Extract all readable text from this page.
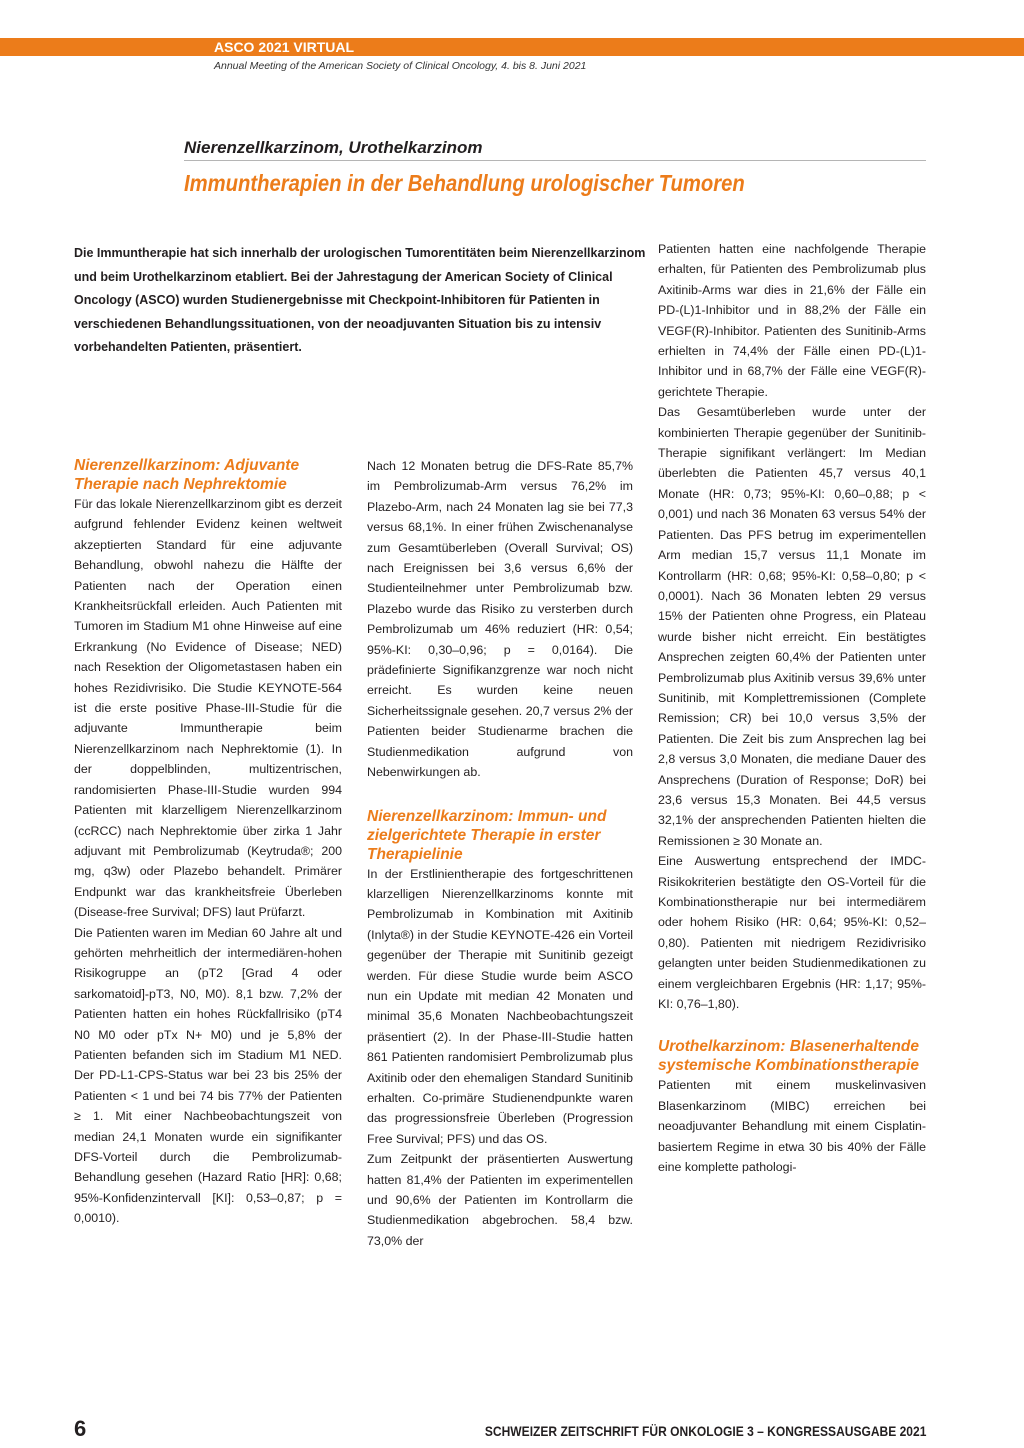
ASCO 2021 VIRTUAL
Annual Meeting of the American Society of Clinical Oncology, 4. bis 8. Juni 2021
Nierenzellkarzinom, Urothelkarzinom
Immuntherapien in der Behandlung urologischer Tumoren
Die Immuntherapie hat sich innerhalb der urologischen Tumorentitäten beim Nierenzellkarzinom und beim Urothelkarzinom etabliert. Bei der Jahrestagung der American Society of Clinical Oncology (ASCO) wurden Studienergebnisse mit Checkpoint-Inhibitoren für Patienten in verschiedenen Behandlungssituationen, von der neoadjuvanten Situation bis zu intensiv vorbehandelten Patienten, präsentiert.
Nierenzellkarzinom: Adjuvante Therapie nach Nephrektomie

Für das lokale Nierenzellkarzinom gibt es derzeit aufgrund fehlender Evidenz keinen weltweit akzeptierten Standard für eine adjuvante Behandlung, obwohl nahezu die Hälfte der Patienten nach der Operation einen Krankheitsrückfall erleiden. Auch Patienten mit Tumoren im Stadium M1 ohne Hinweise auf eine Erkrankung (No Evidence of Disease; NED) nach Resektion der Oligometastasen haben ein hohes Rezidivrisiko. Die Studie KEYNOTE-564 ist die erste positive Phase-III-Studie für die adjuvante Immuntherapie beim Nierenzellkarzinom nach Nephrektomie (1). In der doppelblinden, multizentrischen, randomisierten Phase-III-Studie wurden 994 Patienten mit klarzelligem Nierenzellkarzinom (ccRCC) nach Nephrektomie über zirka 1 Jahr adjuvant mit Pembrolizumab (Keytruda®; 200 mg, q3w) oder Plazebo behandelt. Primärer Endpunkt war das krankheitsfreie Überleben (Disease-free Survival; DFS) laut Prüfarzt.

Die Patienten waren im Median 60 Jahre alt und gehörten mehrheitlich der intermediären-hohen Risikogruppe an (pT2 [Grad 4 oder sarkomatoid]-pT3, N0, M0). 8,1 bzw. 7,2% der Patienten hatten ein hohes Rückfallrisiko (pT4 N0 M0 oder pTx N+ M0) und je 5,8% der Patienten befanden sich im Stadium M1 NED. Der PD-L1-CPS-Status war bei 23 bis 25% der Patienten < 1 und bei 74 bis 77% der Patienten ≥ 1. Mit einer Nachbeobachtungszeit von median 24,1 Monaten wurde ein signifikanter DFS-Vorteil durch die Pembrolizumab-Behandlung gesehen (Hazard Ratio [HR]: 0,68; 95%-Konfidenzintervall [KI]: 0,53–0,87; p = 0,0010).

Nach 12 Monaten betrug die DFS-Rate 85,7% im Pembrolizumab-Arm versus 76,2% im Plazebo-Arm, nach 24 Monaten lag sie bei 77,3 versus 68,1%. In einer frühen Zwischenanalyse zum Gesamtüberleben (Overall Survival; OS) nach Ereignissen bei 3,6 versus 6,6% der Studienteilnehmer unter Pembrolizumab bzw. Plazebo wurde das Risiko zu versterben durch Pembrolizumab um 46% reduziert (HR: 0,54; 95%-KI: 0,30–0,96; p = 0,0164). Die prädefinierte Signifikanzgrenze war noch nicht erreicht. Es wurden keine neuen Sicherheitssignale gesehen. 20,7 versus 2% der Patienten beider Studienarme brachen die Studienmedikation aufgrund von Nebenwirkungen ab.

Nierenzellkarzinom: Immun- und zielgerichtete Therapie in erster Therapielinie

In der Erstlinientherapie des fortgeschrittenen klarzelligen Nierenzellkarzinoms konnte mit Pembrolizumab in Kombination mit Axitinib (Inlyta®) in der Studie KEYNOTE-426 ein Vorteil gegenüber der Therapie mit Sunitinib gezeigt werden. Für diese Studie wurde beim ASCO nun ein Update mit median 42 Monaten und minimal 35,6 Monaten Nachbeobachtungszeit präsentiert (2). In der Phase-III-Studie hatten 861 Patienten randomisiert Pembrolizumab plus Axitinib oder den ehemaligen Standard Sunitinib erhalten. Co-primäre Studienendpunkte waren das progressionsfreie Überleben (Progression Free Survival; PFS) und das OS.

Zum Zeitpunkt der präsentierten Auswertung hatten 81,4% der Patienten im experimentellen und 90,6% der Patienten im Kontrollarm die Studienmedikation abgebrochen. 58,4 bzw. 73,0% der

Patienten hatten eine nachfolgende Therapie erhalten, für Patienten des Pembrolizumab plus Axitinib-Arms war dies in 21,6% der Fälle ein PD-(L)1-Inhibitor und in 88,2% der Fälle ein VEGF(R)-Inhibitor. Patienten des Sunitinib-Arms erhielten in 74,4% der Fälle einen PD-(L)1-Inhibitor und in 68,7% der Fälle eine VEGF(R)-gerichtete Therapie.

Das Gesamtüberleben wurde unter der kombinierten Therapie gegenüber der Sunitinib-Therapie signifikant verlängert: Im Median überlebten die Patienten 45,7 versus 40,1 Monate (HR: 0,73; 95%-KI: 0,60–0,88; p < 0,001) und nach 36 Monaten 63 versus 54% der Patienten. Das PFS betrug im experimentellen Arm median 15,7 versus 11,1 Monate im Kontrollarm (HR: 0,68; 95%-KI: 0,58–0,80; p < 0,0001). Nach 36 Monaten lebten 29 versus 15% der Patienten ohne Progress, ein Plateau wurde bisher nicht erreicht. Ein bestätigtes Ansprechen zeigten 60,4% der Patienten unter Pembrolizumab plus Axitinib versus 39,6% unter Sunitinib, mit Komplettremissionen (Complete Remission; CR) bei 10,0 versus 3,5% der Patienten. Die Zeit bis zum Ansprechen lag bei 2,8 versus 3,0 Monaten, die mediane Dauer des Ansprechens (Duration of Response; DoR) bei 23,6 versus 15,3 Monaten. Bei 44,5 versus 32,1% der ansprechenden Patienten hielten die Remissionen ≥ 30 Monate an.

Eine Auswertung entsprechend der IMDC-Risikokriterien bestätigte den OS-Vorteil für die Kombinationstherapie nur bei intermediärem oder hohem Risiko (HR: 0,64; 95%-KI: 0,52–0,80). Patienten mit niedrigem Rezidivrisiko gelangten unter beiden Studienmedikationen zu einem vergleichbaren Ergebnis (HR: 1,17; 95%-KI: 0,76–1,80).

Urothelkarzinom: Blasenerhaltende systemische Kombinationstherapie

Patienten mit einem muskelinvasiven Blasenkarzinom (MIBC) erreichen bei neoadjuvanter Behandlung mit einem Cisplatin-basiertem Regime in etwa 30 bis 40% der Fälle eine komplette pathologi-

6	SCHWEIZER ZEITSCHRIFT FÜR ONKOLOGIE 3 – KONGRESSAUSGABE 2021
